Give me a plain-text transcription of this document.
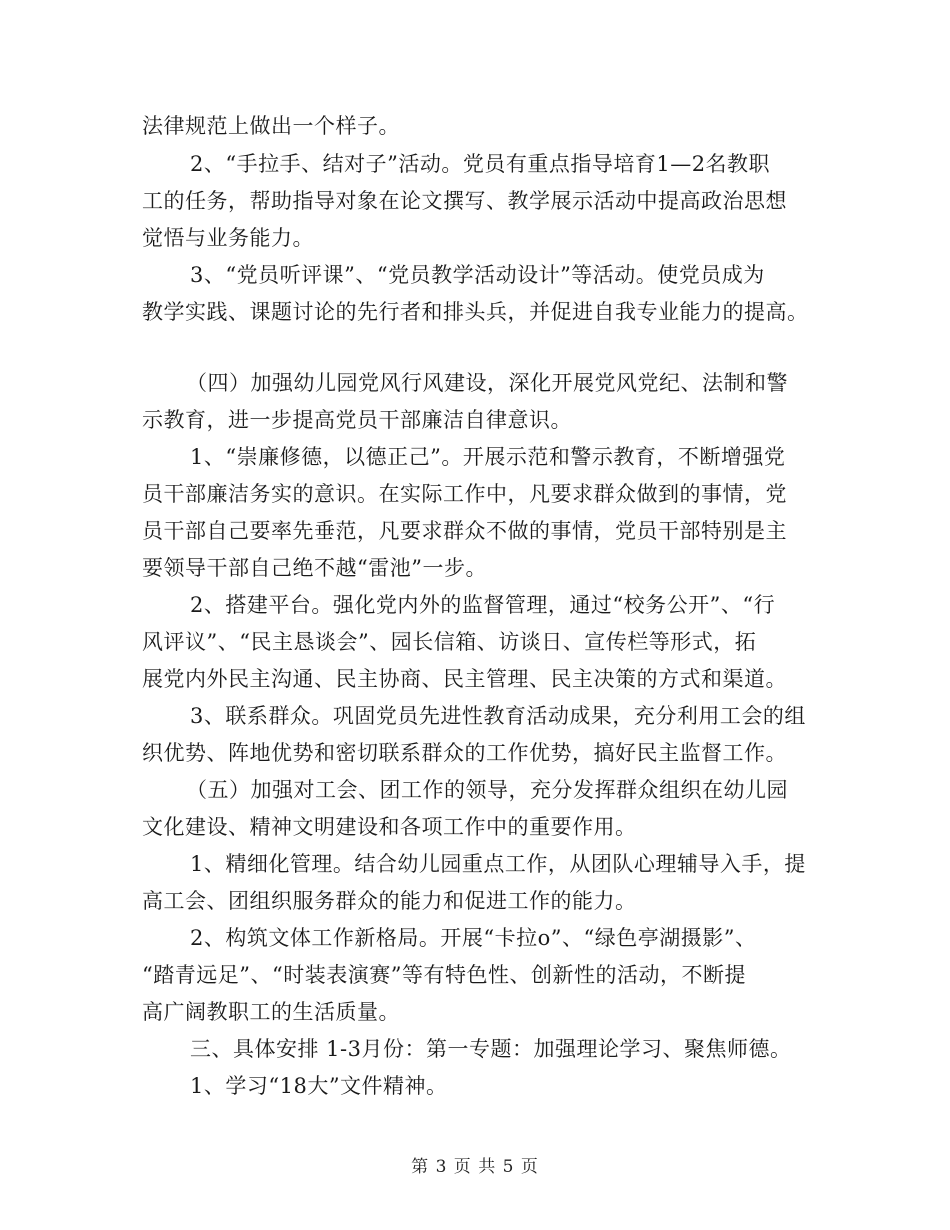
法律规范上做出一个样子。
2、“手拉手、结对子”活动。党员有重点指导培育1—2名教职
工的任务，帮助指导对象在论文撰写、教学展示活动中提高政治思想
觉悟与业务能力。
3、“党员听评课”、“党员教学活动设计”等活动。使党员成为
教学实践、课题讨论的先行者和排头兵，并促进自我专业能力的提高。
（四）加强幼儿园党风行风建设，深化开展党风党纪、法制和警
示教育，进一步提高党员干部廉洁自律意识。
1、“崇廉修德，以德正己”。开展示范和警示教育，不断增强党
员干部廉洁务实的意识。在实际工作中，凡要求群众做到的事情，党
员干部自己要率先垂范，凡要求群众不做的事情，党员干部特别是主
要领导干部自己绝不越“雷池”一步。
2、搭建平台。强化党内外的监督管理，通过“校务公开”、“行
风评议”、“民主恳谈会”、园长信箱、访谈日、宣传栏等形式，拓
展党内外民主沟通、民主协商、民主管理、民主决策的方式和渠道。
3、联系群众。巩固党员先进性教育活动成果，充分利用工会的组
织优势、阵地优势和密切联系群众的工作优势，搞好民主监督工作。
（五）加强对工会、团工作的领导，充分发挥群众组织在幼儿园
文化建设、精神文明建设和各项工作中的重要作用。
1、精细化管理。结合幼儿园重点工作，从团队心理辅导入手，提
高工会、团组织服务群众的能力和促进工作的能力。
2、构筑文体工作新格局。开展“卡拉o”、“绿色亭湖摄影”、
“踏青远足”、“时装表演赛”等有特色性、创新性的活动，不断提
高广阔教职工的生活质量。
三、具体安排 1-3月份：第一专题：加强理论学习、聚焦师德。
1、学习“18大”文件精神。
第 3 页 共 5 页
